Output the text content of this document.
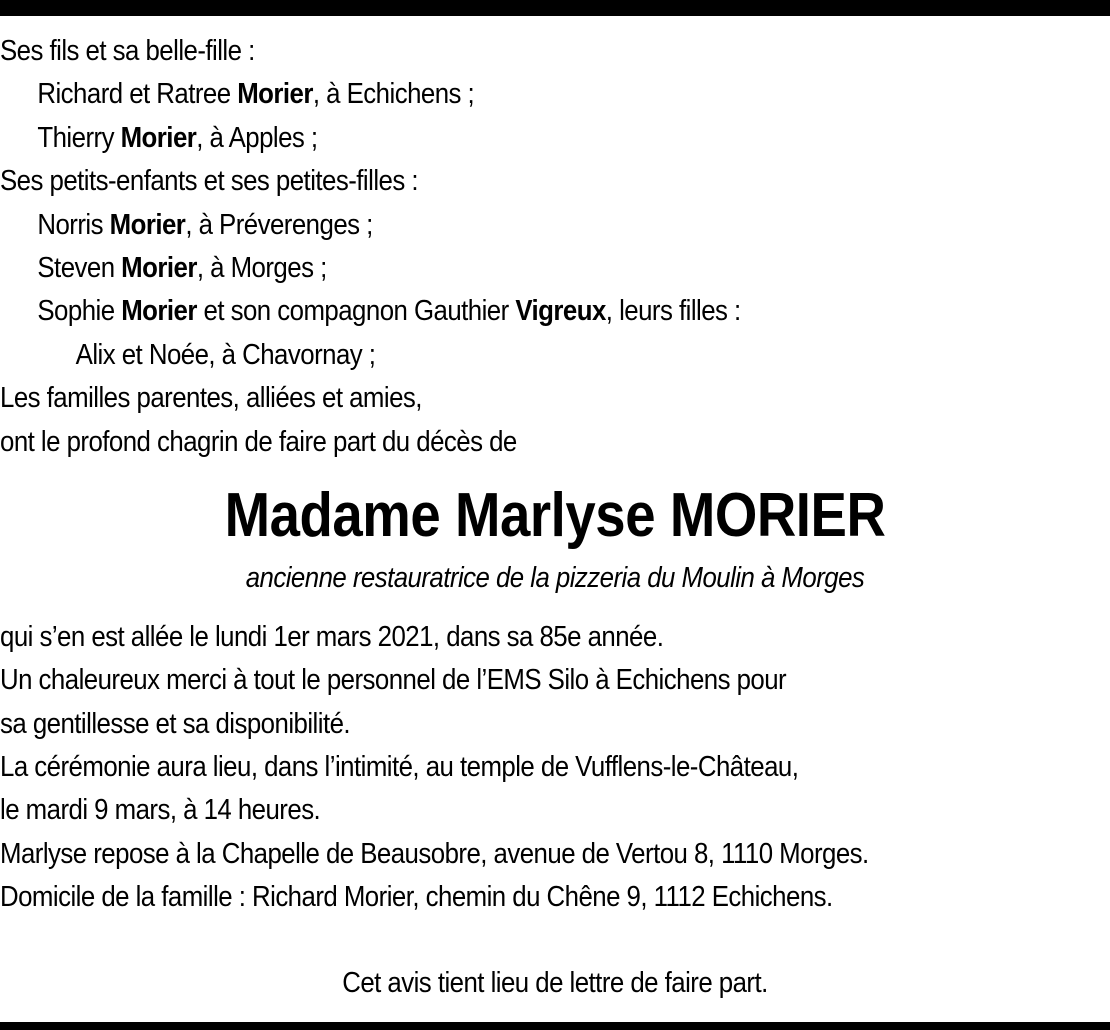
Ses fils et sa belle-fille :
Richard et Ratree Morier, à Echichens ;
Thierry Morier, à Apples ;
Ses petits-enfants et ses petites-filles :
Norris Morier, à Préverenges ;
Steven Morier, à Morges ;
Sophie Morier et son compagnon Gauthier Vigreux, leurs filles :
Alix et Noée, à Chavornay ;
Les familles parentes, alliées et amies,
ont le profond chagrin de faire part du décès de
Madame Marlyse MORIER
ancienne restauratrice de la pizzeria du Moulin à Morges
qui s’en est allée le lundi 1er mars 2021, dans sa 85e année.
Un chaleureux merci à tout le personnel de l’EMS Silo à Echichens pour
sa gentillesse et sa disponibilité.
La cérémonie aura lieu, dans l’intimité, au temple de Vufflens-le-Château,
le mardi 9 mars, à 14 heures.
Marlyse repose à la Chapelle de Beausobre, avenue de Vertou 8, 1110 Morges.
Domicile de la famille : Richard Morier, chemin du Chêne 9, 1112 Echichens.
Cet avis tient lieu de lettre de faire part.
